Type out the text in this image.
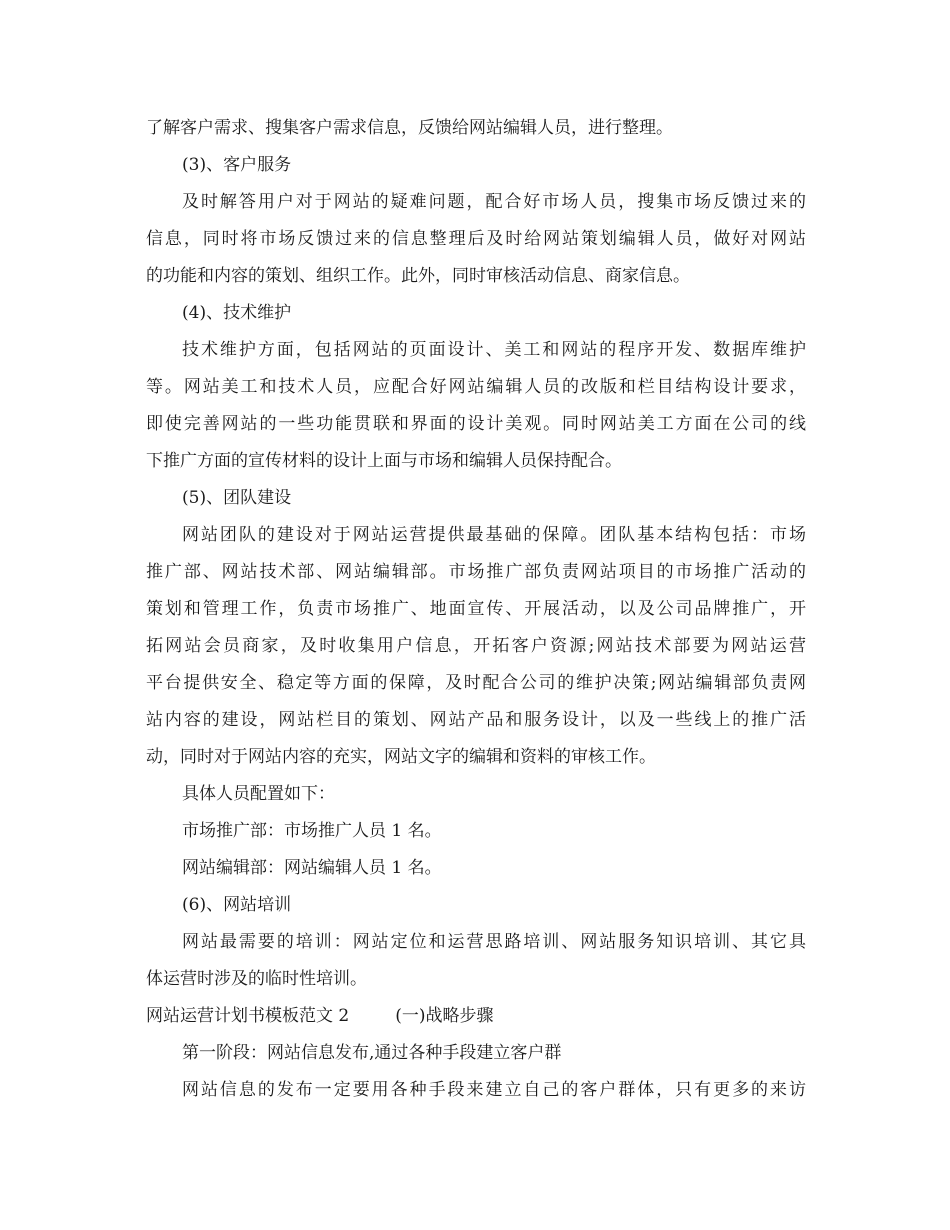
了解客户需求、搜集客户需求信息，反馈给网站编辑人员，进行整理。
(3)、客户服务
及时解答用户对于网站的疑难问题，配合好市场人员，搜集市场反馈过来的
信息，同时将市场反馈过来的信息整理后及时给网站策划编辑人员，做好对网站
的功能和内容的策划、组织工作。此外，同时审核活动信息、商家信息。
(4)、技术维护
技术维护方面，包括网站的页面设计、美工和网站的程序开发、数据库维护
等。网站美工和技术人员，应配合好网站编辑人员的改版和栏目结构设计要求，
即使完善网站的一些功能贯联和界面的设计美观。同时网站美工方面在公司的线
下推广方面的宣传材料的设计上面与市场和编辑人员保持配合。
(5)、团队建设
网站团队的建设对于网站运营提供最基础的保障。团队基本结构包括：市场
推广部、网站技术部、网站编辑部。市场推广部负责网站项目的市场推广活动的
策划和管理工作，负责市场推广、地面宣传、开展活动，以及公司品牌推广，开
拓网站会员商家，及时收集用户信息，开拓客户资源;网站技术部要为网站运营
平台提供安全、稳定等方面的保障，及时配合公司的维护决策;网站编辑部负责网
站内容的建设，网站栏目的策划、网站产品和服务设计，以及一些线上的推广活
动，同时对于网站内容的充实，网站文字的编辑和资料的审核工作。
具体人员配置如下：
市场推广部：市场推广人员 1 名。
网站编辑部：网站编辑人员 1 名。
(6)、网站培训
网站最需要的培训：网站定位和运营思路培训、网站服务知识培训、其它具
体运营时涉及的临时性培训。
网站运营计划书模板范文 2	(一)战略步骤
第一阶段：网站信息发布,通过各种手段建立客户群
网站信息的发布一定要用各种手段来建立自己的客户群体，只有更多的来访
